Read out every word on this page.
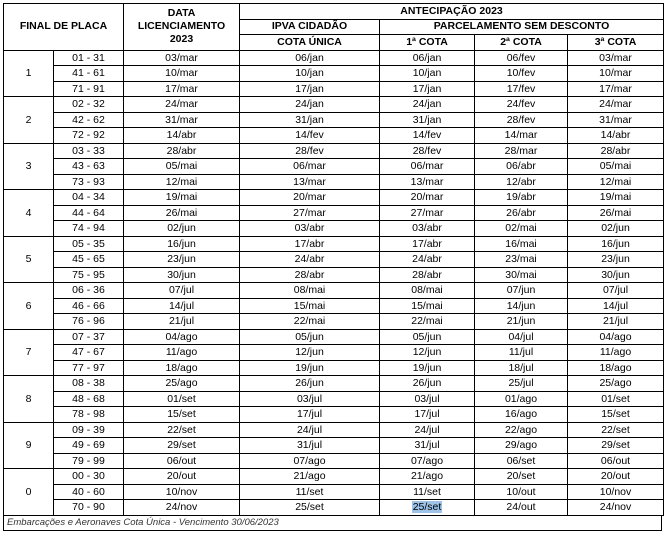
FINAL DE PLACA		DATA
LICENCIAMENTO
2023	ANTECIPAÇÃO 2023			
			IPVA CIDADÃO	PARCELAMENTO SEM DESCONTO		
			COTA ÚNICA	1ª COTA	2ª COTA	3ª COTA
1	01 - 31	03/mar	06/jan	06/jan	06/fev	03/mar
	41 - 61	10/mar	10/jan	10/jan	10/fev	10/mar
	71 - 91	17/mar	17/jan	17/jan	17/fev	17/mar
2	02 - 32	24/mar	24/jan	24/jan	24/fev	24/mar
	42 - 62	31/mar	31/jan	31/jan	28/fev	31/mar
	72 - 92	14/abr	14/fev	14/fev	14/mar	14/abr
3	03 - 33	28/abr	28/fev	28/fev	28/mar	28/abr
	43 - 63	05/mai	06/mar	06/mar	06/abr	05/mai
	73 - 93	12/mai	13/mar	13/mar	12/abr	12/mai
4	04 - 34	19/mai	20/mar	20/mar	19/abr	19/mai
	44 - 64	26/mai	27/mar	27/mar	26/abr	26/mai
	74 - 94	02/jun	03/abr	03/abr	02/mai	02/jun
5	05 - 35	16/jun	17/abr	17/abr	16/mai	16/jun
	45 - 65	23/jun	24/abr	24/abr	23/mai	23/jun
	75 - 95	30/jun	28/abr	28/abr	30/mai	30/jun
6	06 - 36	07/jul	08/mai	08/mai	07/jun	07/jul
	46 - 66	14/jul	15/mai	15/mai	14/jun	14/jul
	76 - 96	21/jul	22/mai	22/mai	21/jun	21/jul
7	07 - 37	04/ago	05/jun	05/jun	04/jul	04/ago
	47 - 67	11/ago	12/jun	12/jun	11/jul	11/ago
	77 - 97	18/ago	19/jun	19/jun	18/jul	18/ago
8	08 - 38	25/ago	26/jun	26/jun	25/jul	25/ago
	48 - 68	01/set	03/jul	03/jul	01/ago	01/set
	78 - 98	15/set	17/jul	17/jul	16/ago	15/set
9	09 - 39	22/set	24/jul	24/jul	22/ago	22/set
	49 - 69	29/set	31/jul	31/jul	29/ago	29/set
	79 - 99	06/out	07/ago	07/ago	06/set	06/out
0	00 - 30	20/out	21/ago	21/ago	20/set	20/out
	40 - 60	10/nov	11/set	11/set	10/out	10/nov
	70 - 90	24/nov	25/set	25/set	24/out	24/nov
Embarcações e Aeronaves Cota Única - Vencimento 30/06/2023
